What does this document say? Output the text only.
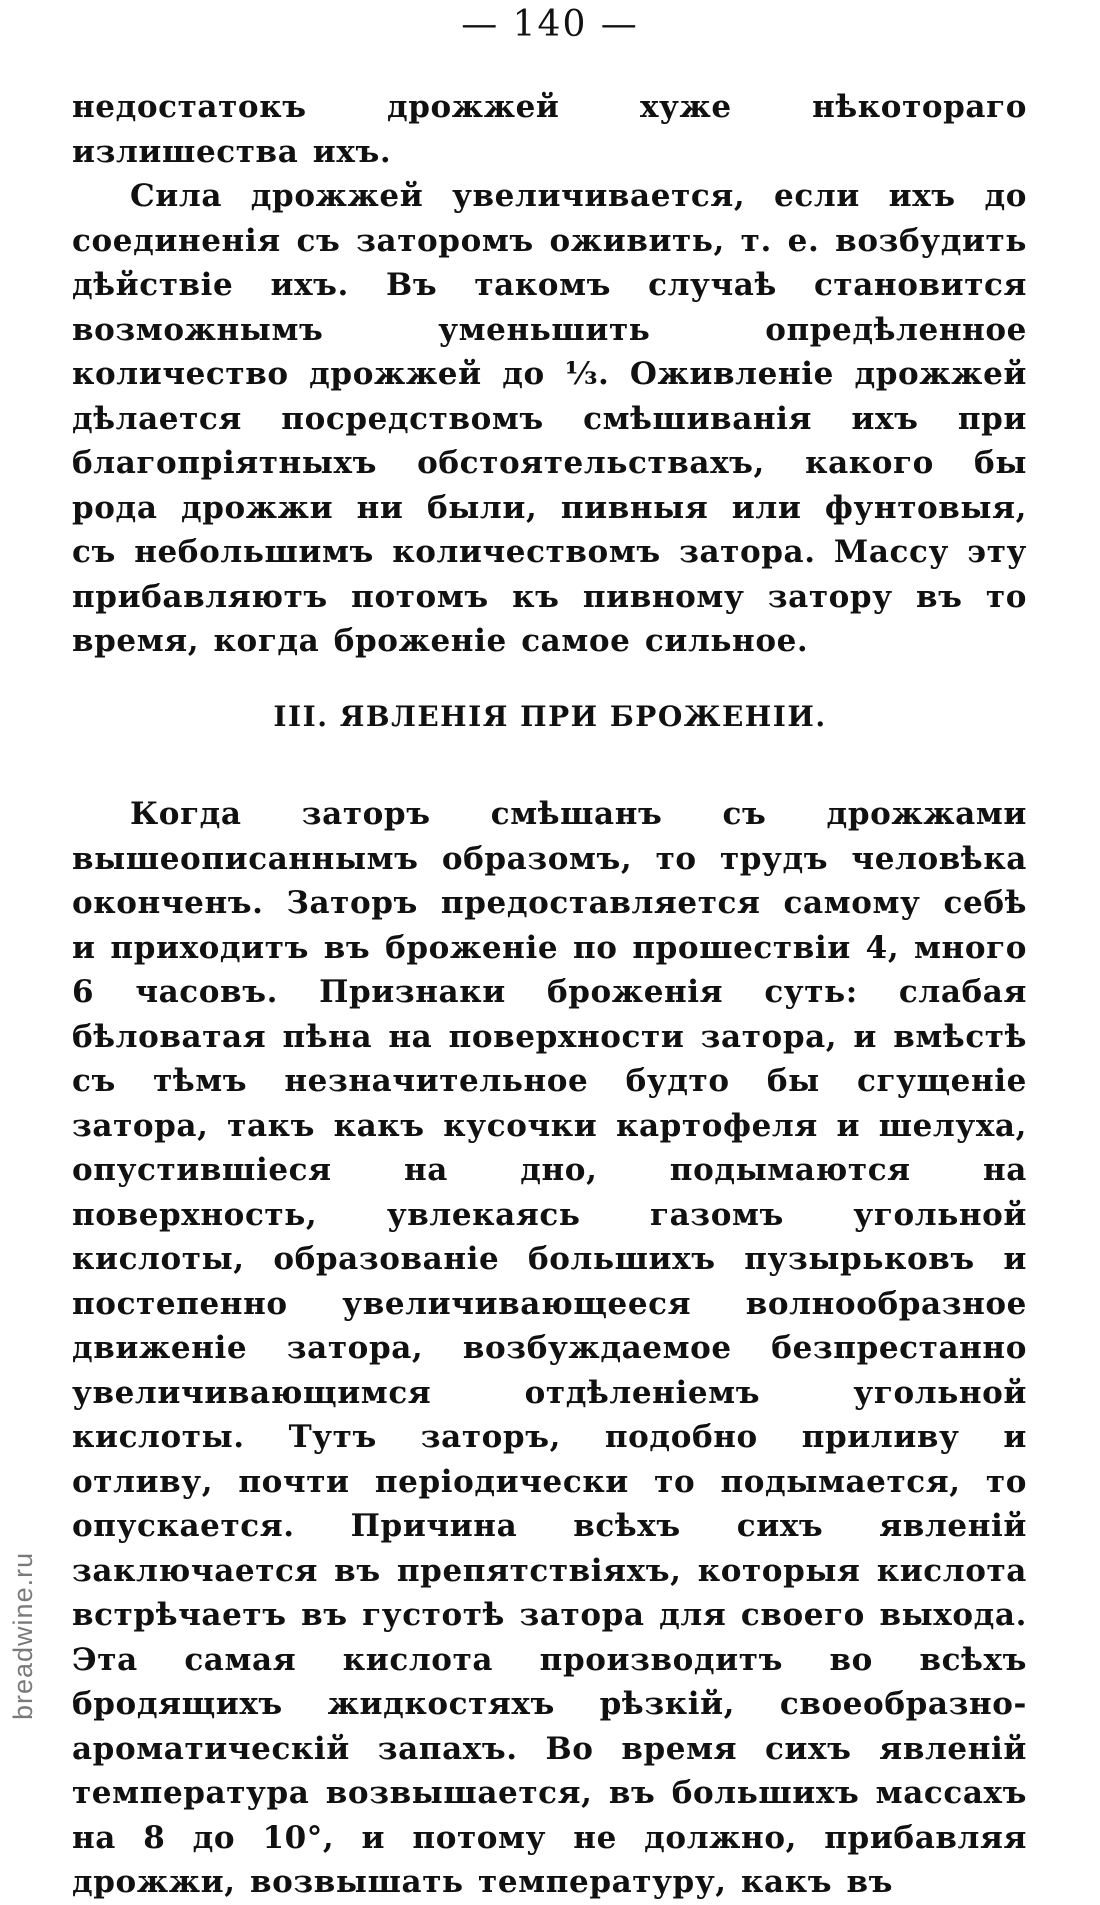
— 140 —

недостатокъ дрожжей хуже нѣкотораго излишества ихъ.

Сила дрожжей увеличивается, если ихъ до соединенія съ заторомъ оживить, т. е. возбудить дѣйствіе ихъ. Въ такомъ случаѣ становится возможнымъ уменьшить опредѣленное количество дрожжей до ⅓. Оживленіе дрожжей дѣлается посредствомъ смѣшиванія ихъ при благопріятныхъ обстоятельствахъ, какого бы рода дрожжи ни были, пивныя или фунтовыя, съ небольшимъ количествомъ затора. Массу эту прибавляютъ потомъ къ пивному затору въ то время, когда броженіе самое сильное.

III. ЯВЛЕНІЯ ПРИ БРОЖЕНІИ.

Когда заторъ смѣшанъ съ дрожжами вышеописаннымъ образомъ, то трудъ человѣка оконченъ. Заторъ предоставляется самому себѣ и приходитъ въ броженіе по прошествіи 4, много 6 часовъ. Признаки броженія суть: слабая бѣловатая пѣна на поверхности затора, и вмѣстѣ съ тѣмъ незначительное будто бы сгущеніе затора, такъ какъ кусочки картофеля и шелуха, опустившіеся на дно, подымаются на поверхность, увлекаясь газомъ угольной кислоты, образованіе большихъ пузырьковъ и постепенно увеличивающееся волнообразное движеніе затора, возбуждаемое безпрестанно увеличивающимся отдѣленіемъ угольной кислоты. Тутъ заторъ, подобно приливу и отливу, почти періодически то подымается, то опускается. Причина всѣхъ сихъ явленій заключается въ препятствіяхъ, которыя кислота встрѣчаетъ въ густотѣ затора для своего выхода. Эта самая кислота производитъ во всѣхъ бродящихъ жидкостяхъ рѣзкій, своеобразно-ароматическій запахъ. Во время сихъ явленій температура возвышается, въ большихъ массахъ на 8 до 10°, и потому не должно, прибавляя дрожжи, возвышать температуру, какъ въ

breadwine.ru
